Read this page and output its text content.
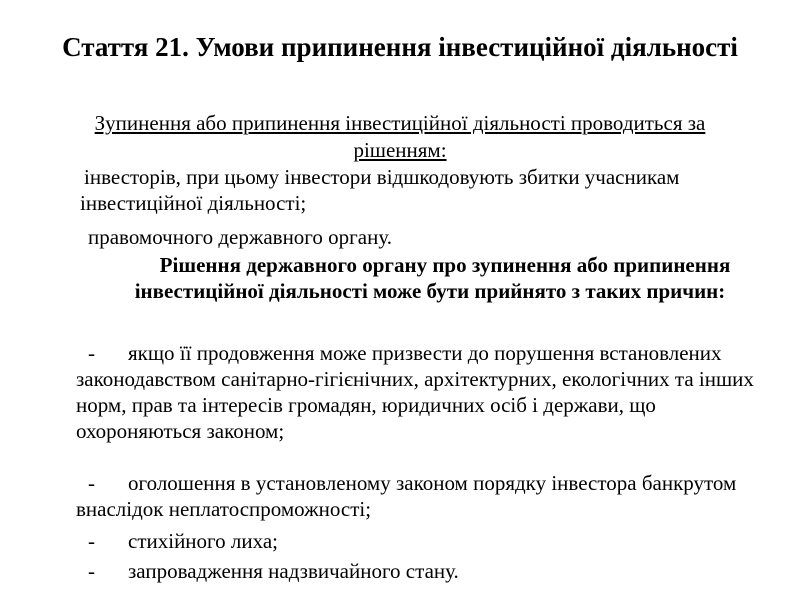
Стаття 21. Умови припинення інвестиційної діяльності
Зупинення або припинення інвестиційної діяльності проводиться за рішенням:
інвесторів, при цьому інвестори відшкодовують збитки учасникам інвестиційної діяльності;
правомочного державного органу.
Рішення державного органу про зупинення або припинення інвестиційної діяльності може бути прийнято з таких причин:
- якщо її продовження може призвести до порушення встановлених законодавством санітарно-гігієнічних, архітектурних, екологічних та інших норм, прав та інтересів громадян, юридичних осіб і держави, що охороняються законом;
- оголошення в установленому законом порядку інвестора банкрутом внаслідок неплатоспроможності;
- стихійного лиха;
- запровадження надзвичайного стану.
